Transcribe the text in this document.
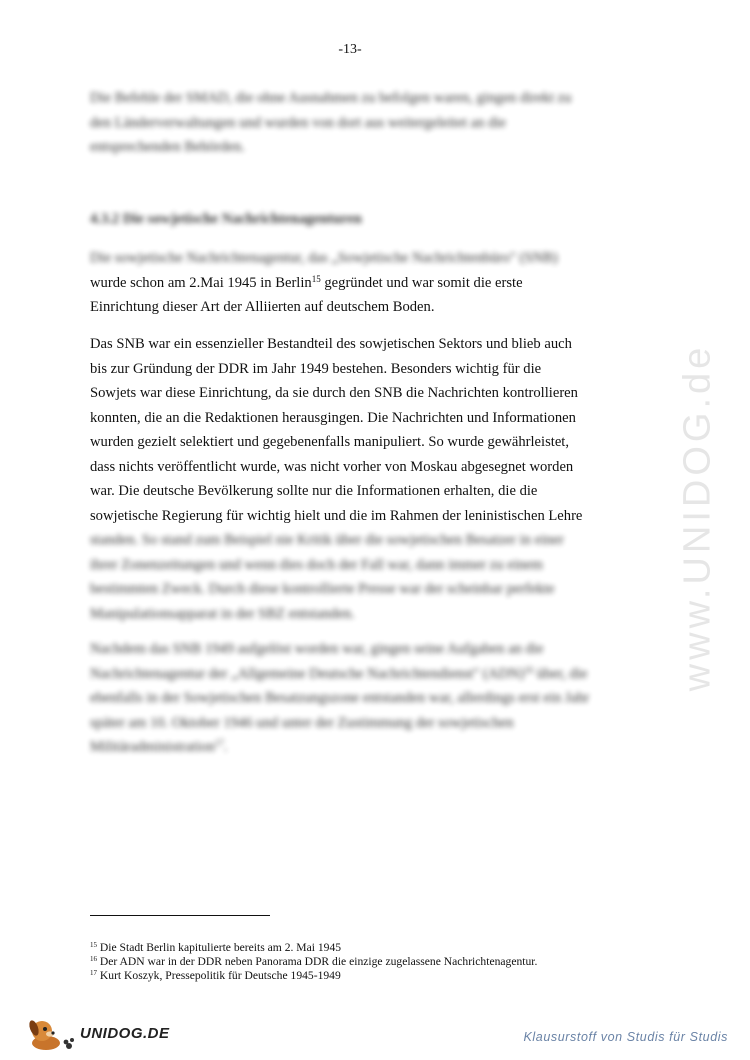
-13-

Die Befehle der SMAD, die ohne Ausnahmen zu befolgen waren, gingen direkt zu
den Länderverwaltungen und wurden von dort aus weitergeleitet an die
entsprechenden Behörden.

4.3.2 Die sowjetische Nachrichtenagenturen

Die sowjetische Nachrichtenagentur, das „Sowjetische Nachrichtenbüro" (SNB)
wurde schon am 2.Mai 1945 in Berlin$^{15}$ gegründet und war somit die erste
Einrichtung dieser Art der Alliierten auf deutschem Boden.

Das SNB war ein essenzieller Bestandteil des sowjetischen Sektors und blieb auch
bis zur Gründung der DDR im Jahr 1949 bestehen. Besonders wichtig für die
Sowjets war diese Einrichtung, da sie durch den SNB die Nachrichten kontrollieren
konnten, die an die Redaktionen herausgingen. Die Nachrichten und Informationen
wurden gezielt selektiert und gegebenenfalls manipuliert. So wurde gewährleistet,
dass nichts veröffentlicht wurde, was nicht vorher von Moskau abgesegnet worden
war. Die deutsche Bevölkerung sollte nur die Informationen erhalten, die die
sowjetische Regierung für wichtig hielt und die im Rahmen der leninistischen Lehre
standen. So stand zum Beispiel nie Kritik über die sowjetischen Besatzer in einer
ihrer Zonenzeitungen und wenn dies doch der Fall war, dann immer zu einem
bestimmten Zweck. Durch diese kontrollierte Presse war der scheinbar perfekte
Manipulationsapparat in der SBZ entstanden.

Nachdem das SNB 1949 aufgelöst worden war, gingen seine Aufgaben an die
Nachrichtenagentur der „Allgemeine Deutsche Nachrichtendienst" (ADN)$^{16}$ über, die
ebenfalls in der Sowjetischen Besatzungszone entstanden war, allerdings erst ein Jahr
später am 10. Oktober 1946 und unter der Zustimmung der sowjetischen
Militäradministration$^{17}$.

$^{15}$ Die Stadt Berlin kapitulierte bereits am 2. Mai 1945
$^{16}$ Der ADN war in der DDR neben Panorama DDR die einzige zugelassene Nachrichtenagentur.
$^{17}$ Kurt Koszyk, Pressepolitik für Deutsche 1945-1949
www.UNIDOG.de
UNIDOG.DE	Klausurstoff von Studis für Studis
